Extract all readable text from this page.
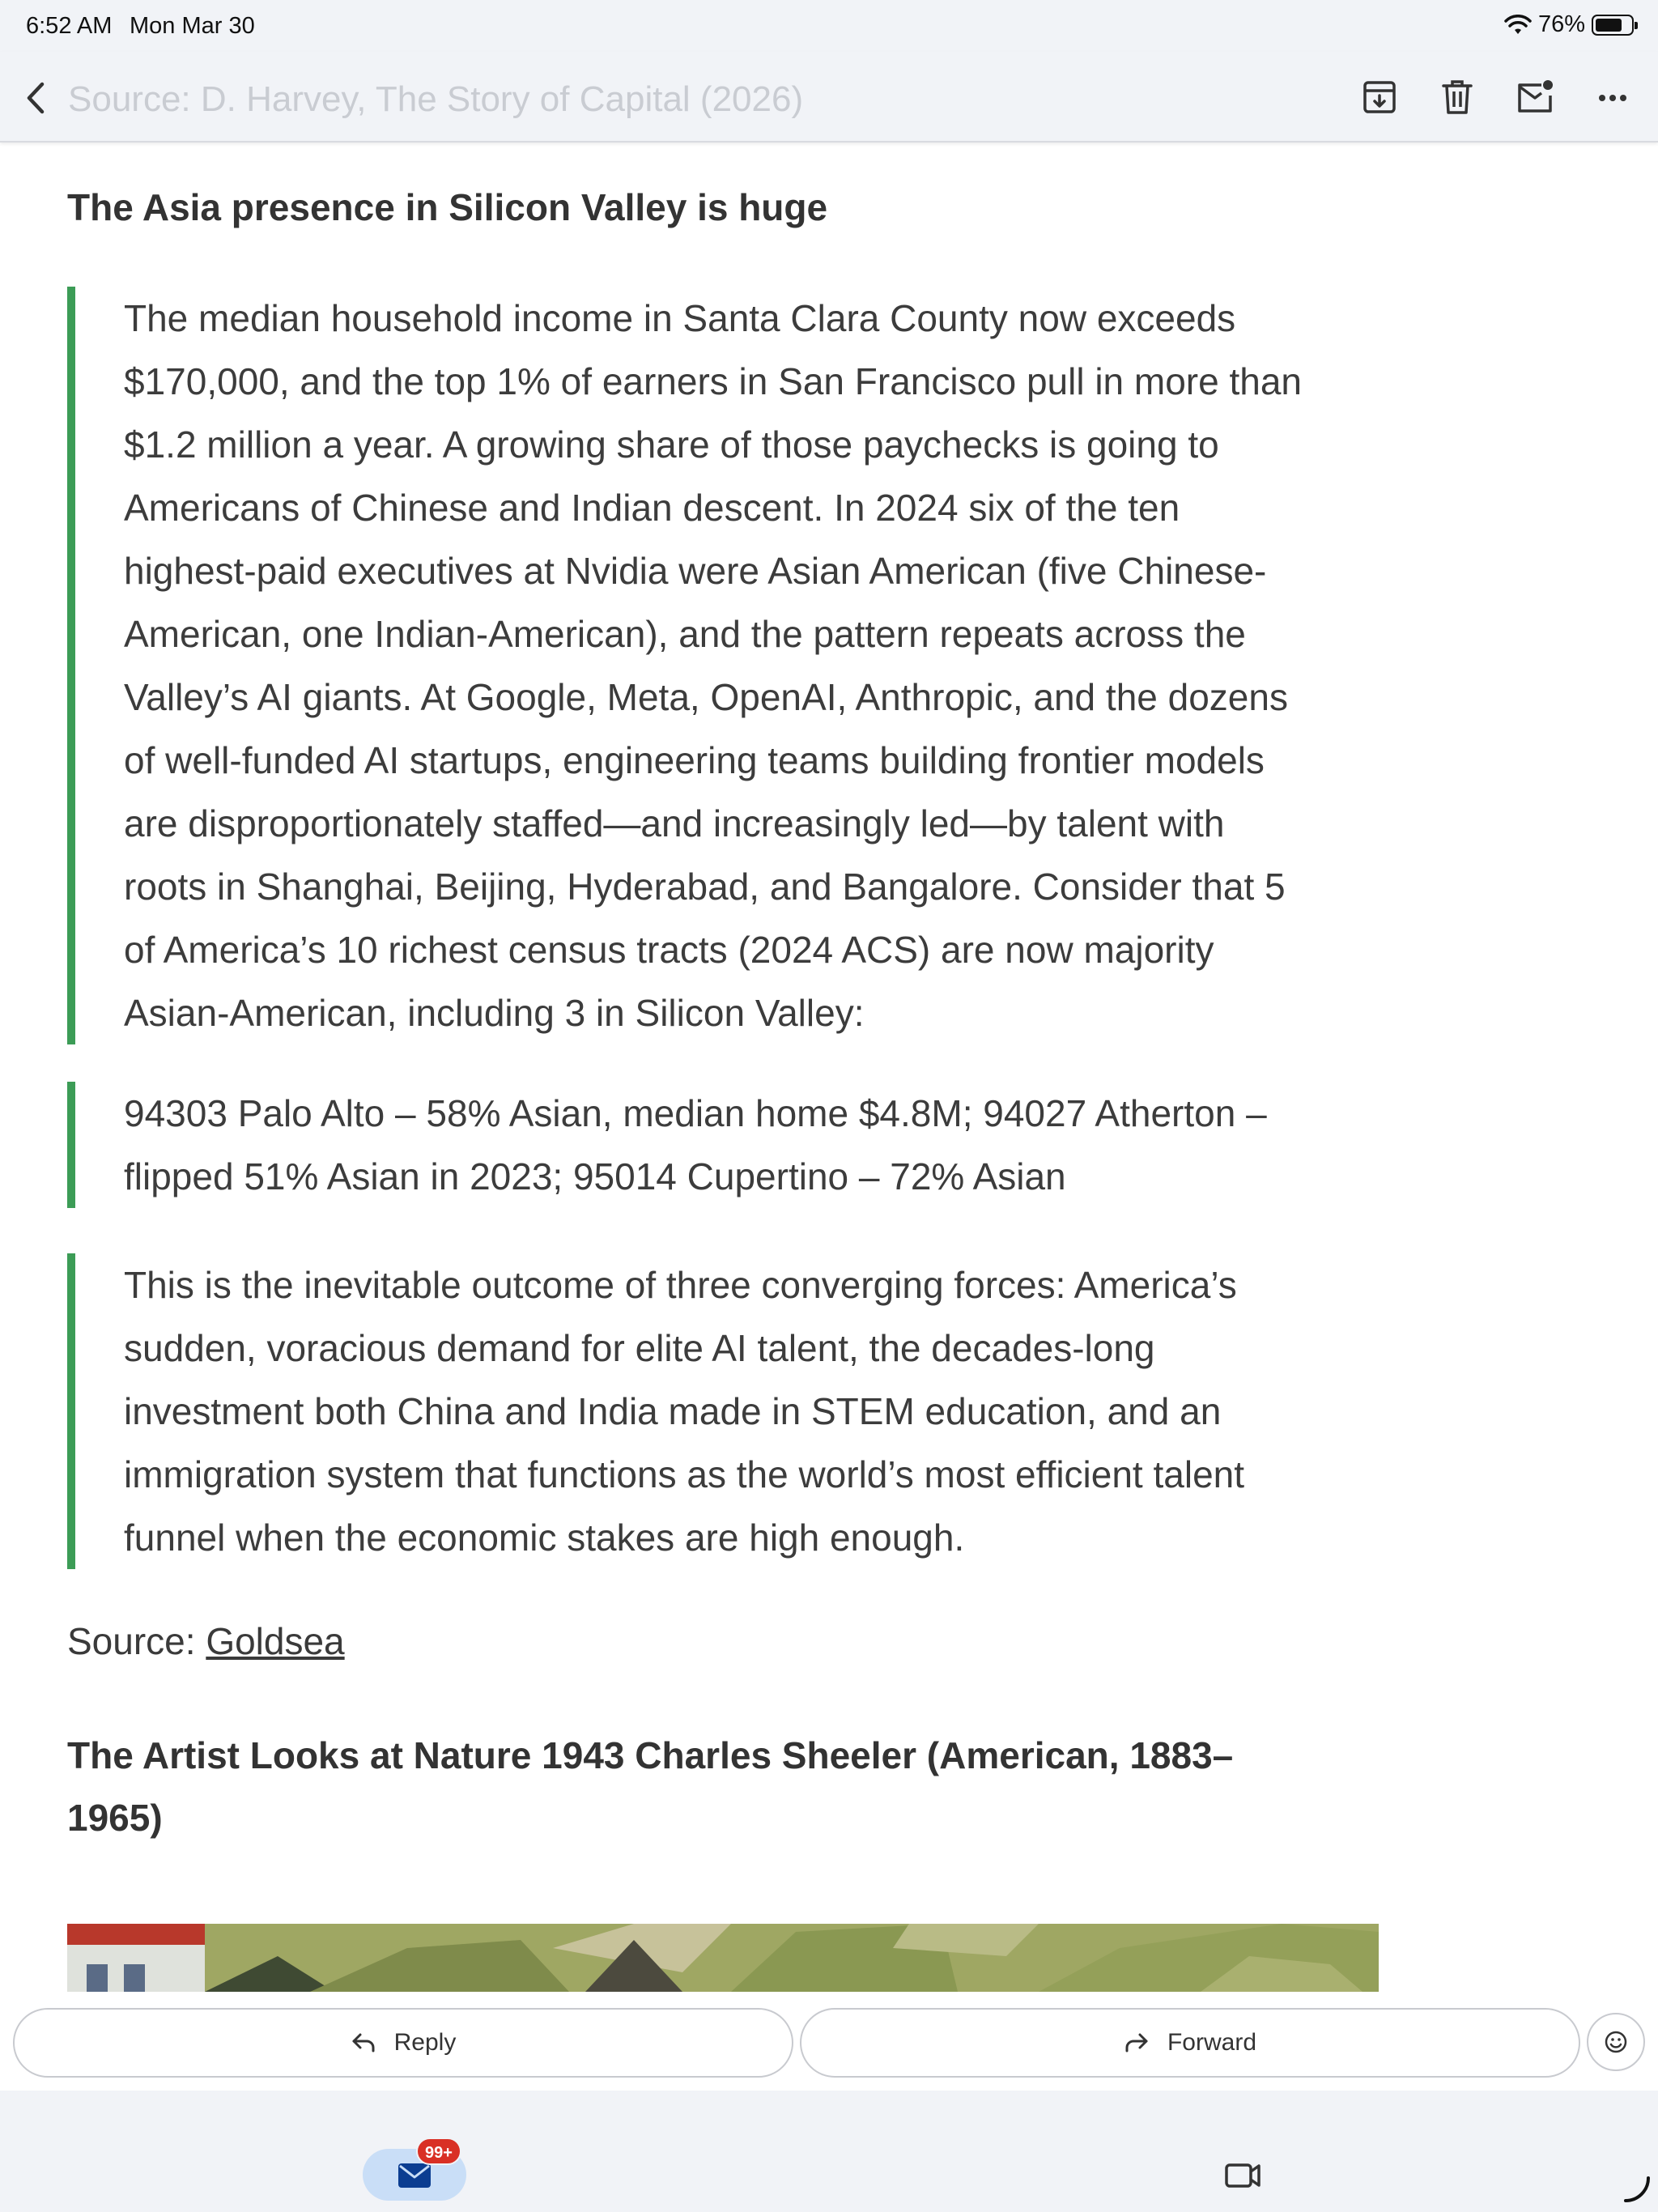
6:52 AM Mon Mar 30	76%
Source: D. Harvey, The Story of Capital (2026)
The Asia presence in Silicon Valley is huge

The median household income in Santa Clara County now exceeds

$170,000, and the top 1% of earners in San Francisco pull in more than

$1.2 million a year. A growing share of those paychecks is going to

Americans of Chinese and Indian descent. In 2024 six of the ten

highest-paid executives at Nvidia were Asian American (five Chinese-

American, one Indian-American), and the pattern repeats across the

Valley’s AI giants. At Google, Meta, OpenAI, Anthropic, and the dozens

of well-funded AI startups, engineering teams building frontier models

are disproportionately staffed—and increasingly led—by talent with

roots in Shanghai, Beijing, Hyderabad, and Bangalore. Consider that 5

of America’s 10 richest census tracts (2024 ACS) are now majority

Asian-American, including 3 in Silicon Valley:

94303 Palo Alto – 58% Asian, median home $4.8M; 94027 Atherton –

flipped 51% Asian in 2023; 95014 Cupertino – 72% Asian

This is the inevitable outcome of three converging forces: America’s

sudden, voracious demand for elite AI talent, the decades-long

investment both China and India made in STEM education, and an

immigration system that functions as the world’s most efficient talent

funnel when the economic stakes are high enough.

Source: Goldsea

The Artist Looks at Nature 1943 Charles Sheeler (American, 1883–

1965)

Reply	Forward
99+
